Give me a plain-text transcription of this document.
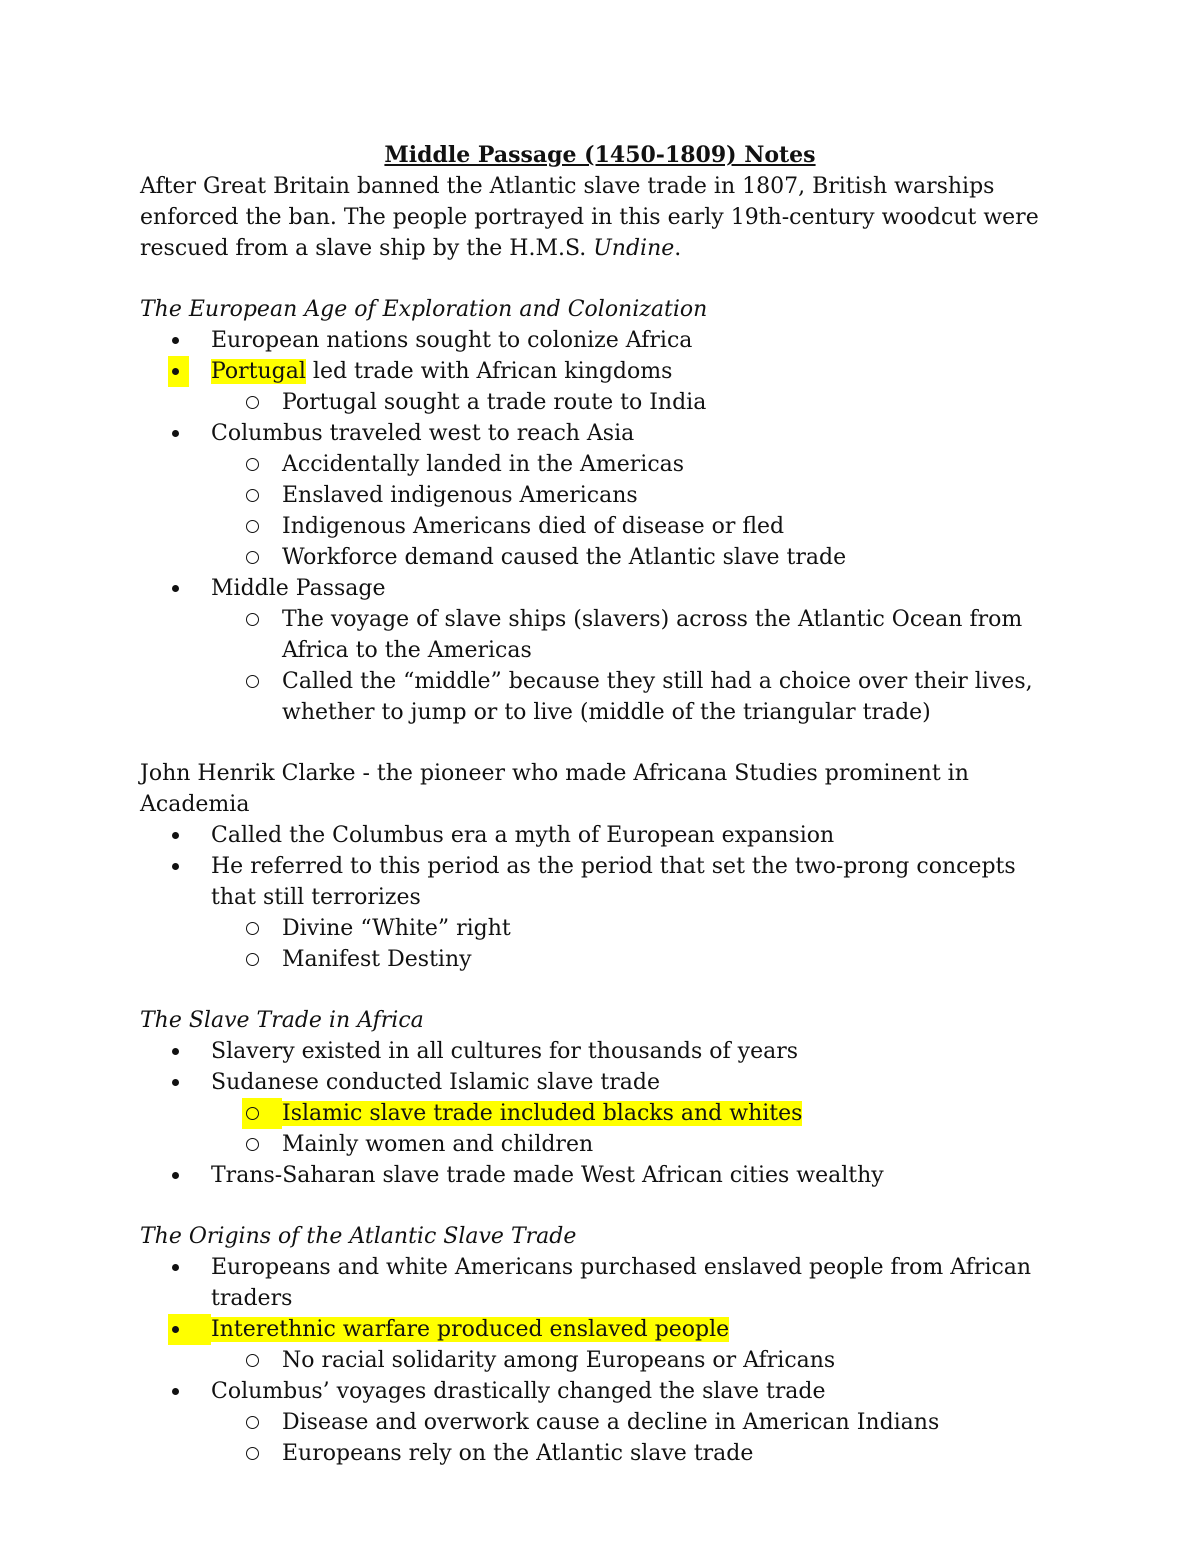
Middle Passage (1450-1809) Notes
After Great Britain banned the Atlantic slave trade in 1807, British warships enforced the ban. The people portrayed in this early 19th-century woodcut were rescued from a slave ship by the H.M.S. Undine.
The European Age of Exploration and Colonization
European nations sought to colonize Africa
Portugal led trade with African kingdoms
Portugal sought a trade route to India
Columbus traveled west to reach Asia
Accidentally landed in the Americas
Enslaved indigenous Americans
Indigenous Americans died of disease or fled
Workforce demand caused the Atlantic slave trade
Middle Passage
The voyage of slave ships (slavers) across the Atlantic Ocean from Africa to the Americas
Called the “middle” because they still had a choice over their lives, whether to jump or to live (middle of the triangular trade)
John Henrik Clarke - the pioneer who made Africana Studies prominent in Academia
Called the Columbus era a myth of European expansion
He referred to this period as the period that set the two-prong concepts that still terrorizes
Divine “White” right
Manifest Destiny
The Slave Trade in Africa
Slavery existed in all cultures for thousands of years
Sudanese conducted Islamic slave trade
Islamic slave trade included blacks and whites
Mainly women and children
Trans-Saharan slave trade made West African cities wealthy
The Origins of the Atlantic Slave Trade
Europeans and white Americans purchased enslaved people from African traders
Interethnic warfare produced enslaved people
No racial solidarity among Europeans or Africans
Columbus’ voyages drastically changed the slave trade
Disease and overwork cause a decline in American Indians
Europeans rely on the Atlantic slave trade
